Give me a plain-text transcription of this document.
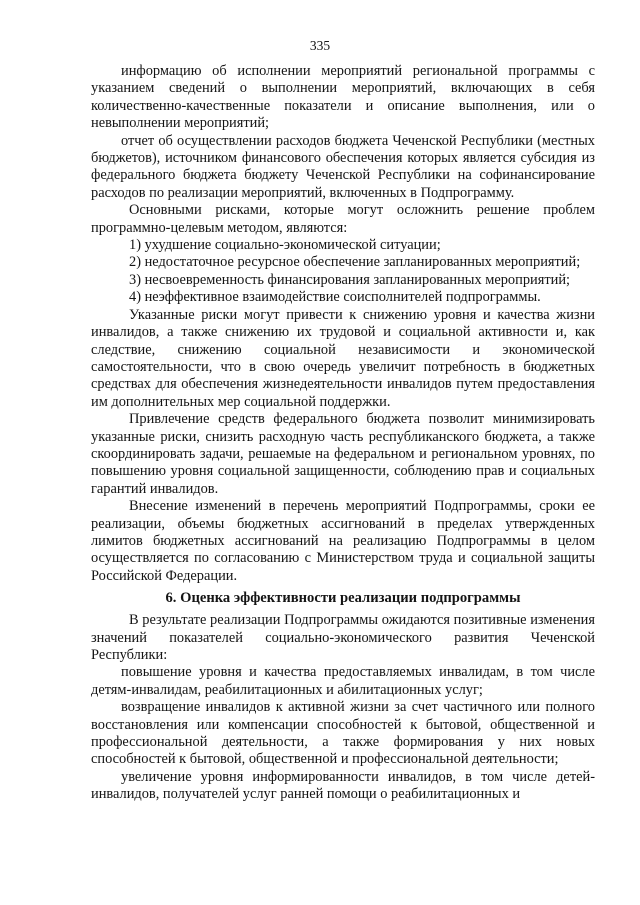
335

информацию об исполнении мероприятий региональной программы с указанием сведений о выполнении мероприятий, включающих в себя количественно-качественные показатели и описание выполнения, или о невыполнении мероприятий;

отчет об осуществлении расходов бюджета Чеченской Республики (местных бюджетов), источником финансового обеспечения которых является субсидия из федерального бюджета бюджету Чеченской Республики на софинансирование расходов по реализации мероприятий, включенных в Подпрограмму.

Основными рисками, которые могут осложнить решение проблем программно-целевым методом, являются:

1) ухудшение социально-экономической ситуации;

2) недостаточное ресурсное обеспечение запланированных мероприятий;

3) несвоевременность финансирования запланированных мероприятий;

4) неэффективное взаимодействие соисполнителей подпрограммы.

Указанные риски могут привести к снижению уровня и качества жизни инвалидов, а также снижению их трудовой и социальной активности и, как следствие, снижению социальной независимости и экономической самостоятельности, что в свою очередь увеличит потребность в бюджетных средствах для обеспечения жизнедеятельности инвалидов путем предоставления им дополнительных мер социальной поддержки.

Привлечение средств федерального бюджета позволит минимизировать указанные риски, снизить расходную часть республиканского бюджета, а также скоординировать задачи, решаемые на федеральном и региональном уровнях, по повышению уровня социальной защищенности, соблюдению прав и социальных гарантий инвалидов.

Внесение изменений в перечень мероприятий Подпрограммы, сроки ее реализации, объемы бюджетных ассигнований в пределах утвержденных лимитов бюджетных ассигнований на реализацию Подпрограммы в целом осуществляется по согласованию с Министерством труда и социальной защиты Российской Федерации.

6. Оценка эффективности реализации подпрограммы

В результате реализации Подпрограммы ожидаются позитивные изменения значений показателей социально-экономического развития Чеченской Республики:

повышение уровня и качества предоставляемых инвалидам, в том числе детям-инвалидам, реабилитационных и абилитационных услуг;

возвращение инвалидов к активной жизни за счет частичного или полного восстановления или компенсации способностей к бытовой, общественной и профессиональной деятельности, а также формирования у них новых способностей к бытовой, общественной и профессиональной деятельности;

увеличение уровня информированности инвалидов, в том числе детей-инвалидов, получателей услуг ранней помощи о реабилитационных и
